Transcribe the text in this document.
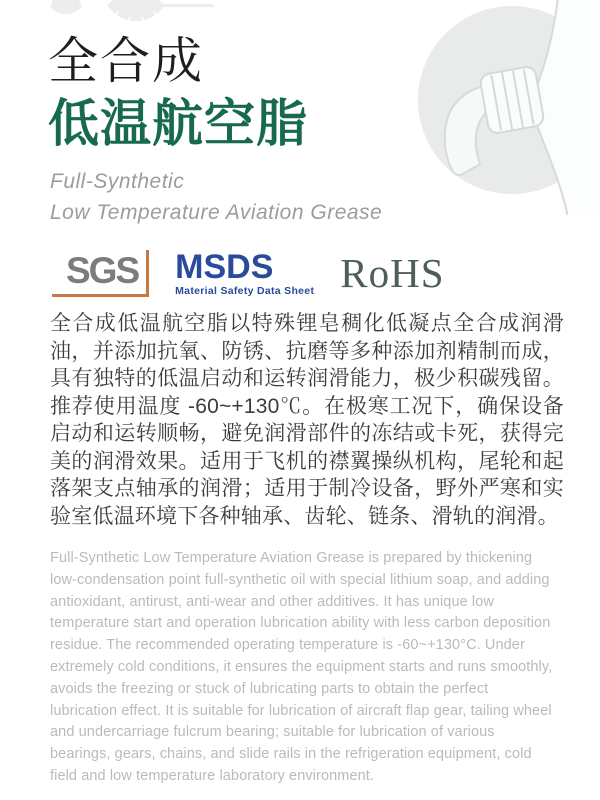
全合成
低温航空脂
Full-Synthetic
Low Temperature Aviation Grease
SGS MSDS
Material Safety Data Sheet RoHS

全合成低温航空脂以特殊锂皂稠化低凝点全合成润滑油，并添加抗氧、防锈、抗磨等多种添加剂精制而成，具有独特的低温启动和运转润滑能力，极少积碳残留。推荐使用温度 -60~+130℃。在极寒工况下，确保设备启动和运转顺畅，避免润滑部件的冻结或卡死，获得完美的润滑效果。适用于飞机的襟翼操纵机构，尾轮和起落架支点轴承的润滑；适用于制冷设备，野外严寒和实验室低温环境下各种轴承、齿轮、链条、滑轨的润滑。

Full-Synthetic Low Temperature Aviation Grease is prepared by thickening low-condensation point full-synthetic oil with special lithium soap, and adding antioxidant, antirust, anti-wear and other additives. It has unique low temperature start and operation lubrication ability with less carbon deposition residue. The recommended operating temperature is -60~+130°C. Under extremely cold conditions, it ensures the equipment starts and runs smoothly, avoids the freezing or stuck of lubricating parts to obtain the perfect lubrication effect. It is suitable for lubrication of aircraft flap gear, tailing wheel and undercarriage fulcrum bearing; suitable for lubrication of various bearings, gears, chains, and slide rails in the refrigeration equipment, cold field and low temperature laboratory environment.
